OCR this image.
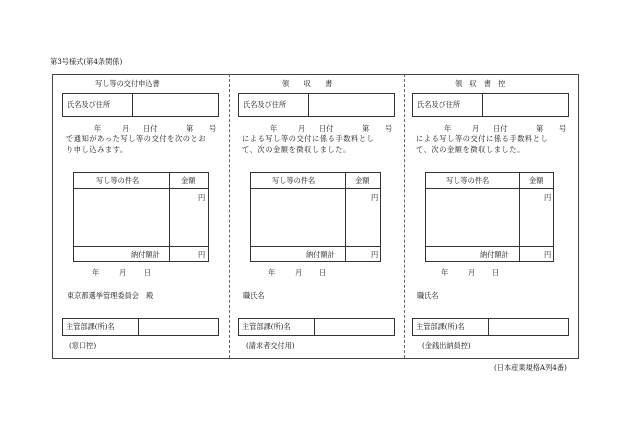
第3号様式(第4条関係)
写し等の交付申込書
氏名及び住所
年	月 日付	第 号
で通知があった写し等の交付を次のとお
り申し込みます。
写し等の件名	金額
円
納付額計	円
年	月 日
東京都選挙管理委員会　殿
主管部課(所)名
(窓口控)
領　　収　　書
氏名及び住所
年	月 日付	第 号
による写し等の交付に係る手数料とし
て、次の金額を徴収しました。
写し等の件名	金額
円
納付額計	円
年	月 日
職氏名
主管部課(所)名
(請求者交付用)
領　収　書　控
氏名及び住所
年	月 日付	第 号
による写し等の交付に係る手数料とし
て、次の金額を徴収しました。
写し等の件名	金額
円
納付額計	円
年	月 日
職氏名
主管部課(所)名
(金銭出納員控)
(日本産業規格A列4番)
